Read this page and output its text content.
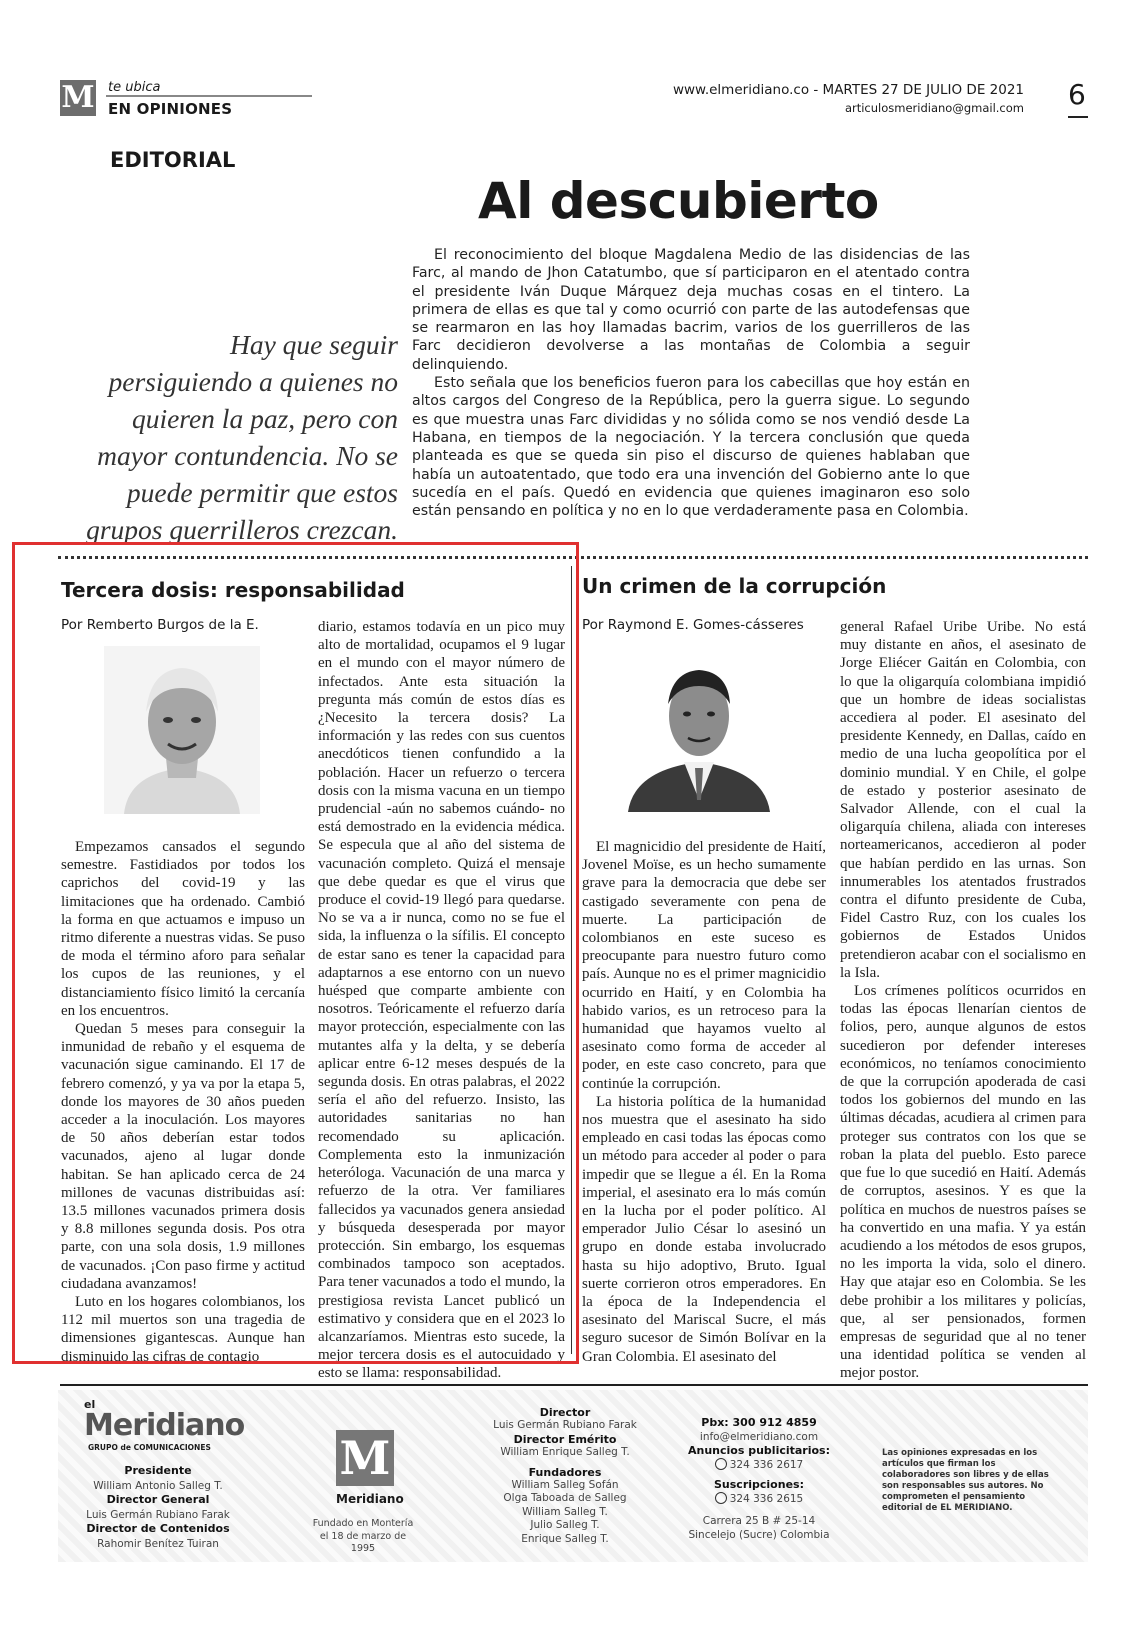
M te ubica
EN OPINIONES
www.elmeridiano.co - MARTES 27 DE JULIO DE 2021
articulosmeridiano@gmail.com 6
EDITORIAL
Al descubierto

El reconocimiento del bloque Magdalena Medio de las disidencias de las Farc, al mando de Jhon Catatumbo, que sí participaron en el atentado contra el presidente Iván Duque Márquez deja muchas cosas en el tintero. La primera de ellas es que tal y como ocurrió con parte de las autodefensas que se rearmaron en las hoy llamadas bacrim, varios de los guerrilleros de las Farc decidieron devolverse a las montañas de Colombia a seguir delinquiendo.

Esto señala que los beneficios fueron para los cabecillas que hoy están en altos cargos del Congreso de la República, pero la guerra sigue. Lo segundo es que muestra unas Farc divididas y no sólida como se nos vendió desde La Habana, en tiempos de la negociación. Y la tercera conclusión que queda planteada es que se queda sin piso el discurso de quienes hablaban que había un autoatentado, que todo era una invención del Gobierno ante lo que sucedía en el país. Quedó en evidencia que quienes imaginaron eso solo están pensando en política y no en lo que verdaderamente pasa en Colombia.

Hay que seguir persiguiendo a quienes no quieren la paz, pero con mayor contundencia. No se puede permitir que estos grupos guerrilleros crezcan.
Tercera dosis: responsabilidad
Por Remberto Burgos de la E.

Empezamos cansados el segundo semestre. Fastidiados por todos los caprichos del covid-19 y las limitaciones que ha ordenado. Cambió la forma en que actuamos e impuso un ritmo diferente a nuestras vidas. Se puso de moda el término aforo para señalar los cupos de las reuniones, y el distanciamiento físico limitó la cercanía en los encuentros.

Quedan 5 meses para conseguir la inmunidad de rebaño y el esquema de vacunación sigue caminando. El 17 de febrero comenzó, y ya va por la etapa 5, donde los mayores de 30 años pueden acceder a la inoculación. Los mayores de 50 años deberían estar todos vacunados, ajeno al lugar donde habitan. Se han aplicado cerca de 24 millones de vacunas distribuidas así: 13.5 millones vacunados primera dosis y 8.8 millones segunda dosis. Pos otra parte, con una sola dosis, 1.9 millones de vacunados. ¡Con paso firme y actitud ciudadana avanzamos!

Luto en los hogares colombianos, los 112 mil muertos son una tragedia de dimensiones gigantescas. Aunque han disminuido las cifras de contagio

diario, estamos todavía en un pico muy alto de mortalidad, ocupamos el 9 lugar en el mundo con el mayor número de infectados. Ante esta situación la pregunta más común de estos días es ¿Necesito la tercera dosis? La información y las redes con sus cuentos anecdóticos tienen confundido a la población. Hacer un refuerzo o tercera dosis con la misma vacuna en un tiempo prudencial -aún no sabemos cuándo- no está demostrado en la evidencia médica. Se especula que al año del sistema de vacunación completo. Quizá el mensaje que debe quedar es que el virus que produce el covid-19 llegó para quedarse. No se va a ir nunca, como no se fue el sida, la influenza o la sífilis. El concepto de estar sano es tener la capacidad para adaptarnos a ese entorno con un nuevo huésped que comparte ambiente con nosotros. Teóricamente el refuerzo daría mayor protección, especialmente con las mutantes alfa y la delta, y se debería aplicar entre 6-12 meses después de la segunda dosis. En otras palabras, el 2022 sería el año del refuerzo. Insisto, las autoridades sanitarias no han recomendado su aplicación. Complementa esto la inmunización heteróloga. Vacunación de una marca y refuerzo de la otra. Ver familiares fallecidos ya vacunados genera ansiedad y búsqueda desesperada por mayor protección. Sin embargo, los esquemas combinados tampoco son aceptados. Para tener vacunados a todo el mundo, la prestigiosa revista Lancet publicó un estimativo y considera que en el 2023 lo alcanzaríamos. Mientras esto sucede, la mejor tercera dosis es el autocuidado y esto se llama: responsabilidad.

Un crimen de la corrupción
Por Raymond E. Gomes-cásseres

El magnicidio del presidente de Haití, Jovenel Moïse, es un hecho sumamente grave para la democracia que debe ser castigado severamente con pena de muerte. La participación de colombianos en este suceso es preocupante para nuestro futuro como país. Aunque no es el primer magnicidio ocurrido en Haití, y en Colombia ha habido varios, es un retroceso para la humanidad que hayamos vuelto al asesinato como forma de acceder al poder, en este caso concreto, para que continúe la corrupción.

La historia política de la humanidad nos muestra que el asesinato ha sido empleado en casi todas las épocas como un método para acceder al poder o para impedir que se llegue a él. En la Roma imperial, el asesinato era lo más común en la lucha por el poder político. Al emperador Julio César lo asesinó un grupo en donde estaba involucrado hasta su hijo adoptivo, Bruto. Igual suerte corrieron otros emperadores. En la época de la Independencia el asesinato del Mariscal Sucre, el más seguro sucesor de Simón Bolívar en la Gran Colombia. El asesinato del

general Rafael Uribe Uribe. No está muy distante en años, el asesinato de Jorge Eliécer Gaitán en Colombia, con lo que la oligarquía colombiana impidió que un hombre de ideas socialistas accediera al poder. El asesinato del presidente Kennedy, en Dallas, caído en medio de una lucha geopolítica por el dominio mundial. Y en Chile, el golpe de estado y posterior asesinato de Salvador Allende, con el cual la oligarquía chilena, aliada con intereses norteamericanos, accedieron al poder que habían perdido en las urnas. Son innumerables los atentados frustrados contra el difunto presidente de Cuba, Fidel Castro Ruz, con los cuales los gobiernos de Estados Unidos pretendieron acabar con el socialismo en la Isla.

Los crímenes políticos ocurridos en todas las épocas llenarían cientos de folios, pero, aunque algunos de estos sucedieron por defender intereses económicos, no teníamos conocimiento de que la corrupción apoderada de casi todos los gobiernos del mundo en las últimas décadas, acudiera al crimen para proteger sus contratos con los que se roban la plata del pueblo. Esto parece que fue lo que sucedió en Haití. Además de corruptos, asesinos. Y es que la política en muchos de nuestros países se ha convertido en una mafia. Y ya están acudiendo a los métodos de esos grupos, no les importa la vida, solo el dinero. Hay que atajar eso en Colombia. Se les debe prohibir a los militares y policías, que, al ser pensionados, formen empresas de seguridad que al no tener una identidad política se venden al mejor postor.

el
Meridiano
GRUPO de COMUNICACIONES
Presidente
William Antonio Salleg T.
Director General
Luis Germán Rubiano Farak
Director de Contenidos
Rahomir Benítez Tuiran
M
Meridiano
Fundado en Montería
el 18 de marzo de 1995
Director
Luis Germán Rubiano Farak
Director Emérito
William Enrique Salleg T.
Fundadores
William Salleg Sofán
Olga Taboada de Salleg
William Salleg T.
Julio Salleg T.
Enrique Salleg T.
Pbx: 300 912 4859
info@elmeridiano.com
Anuncios publicitarios:
324 336 2617
Suscripciones:
324 336 2615
Carrera 25 B # 25-14
Sincelejo (Sucre) Colombia
Las opiniones expresadas en los artículos que firman los colaboradores son libres y de ellas son responsables sus autores. No comprometen el pensamiento editorial de EL MERIDIANO.
